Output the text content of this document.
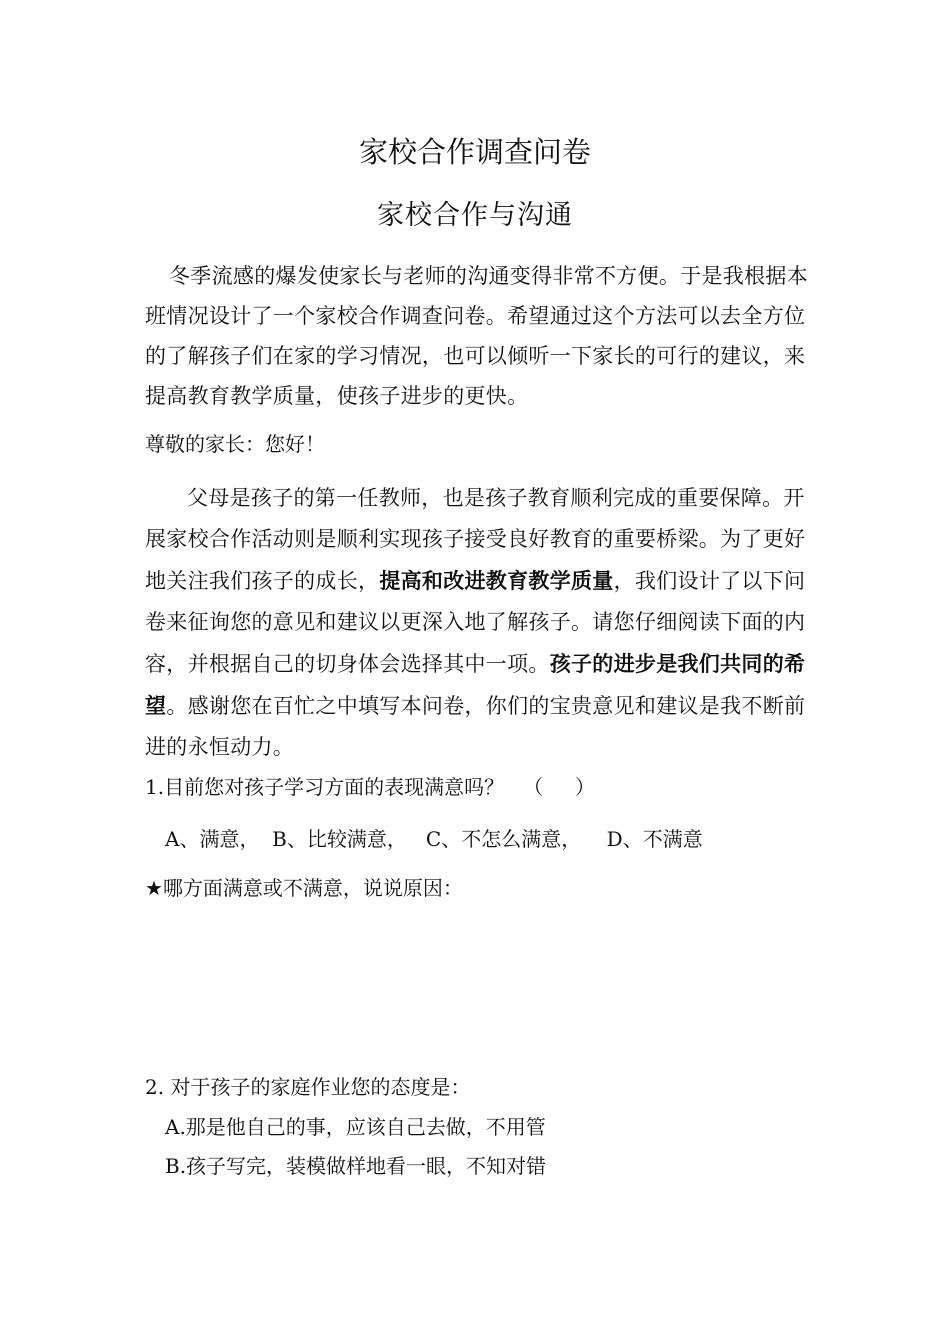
家校合作调查问卷
家校合作与沟通
冬季流感的爆发使家长与老师的沟通变得非常不方便。于是我根据本班情况设计了一个家校合作调查问卷。希望通过这个方法可以去全方位的了解孩子们在家的学习情况，也可以倾听一下家长的可行的建议，来提高教育教学质量，使孩子进步的更快。
尊敬的家长：您好！
父母是孩子的第一任教师，也是孩子教育顺利完成的重要保障。开展家校合作活动则是顺利实现孩子接受良好教育的重要桥梁。为了更好地关注我们孩子的成长，提高和改进教育教学质量，我们设计了以下问卷来征询您的意见和建议以更深入地了解孩子。请您仔细阅读下面的内容，并根据自己的切身体会选择其中一项。孩子的进步是我们共同的希望。感谢您在百忙之中填写本问卷，你们的宝贵意见和建议是我不断前进的永恒动力。
1.目前您对孩子学习方面的表现满意吗？   （     ）
A、满意，  B、比较满意，   C、不怎么满意，    D、不满意
★哪方面满意或不满意，说说原因：
2. 对于孩子的家庭作业您的态度是：
A.那是他自己的事，应该自己去做，不用管
B.孩子写完，装模做样地看一眼，不知对错
